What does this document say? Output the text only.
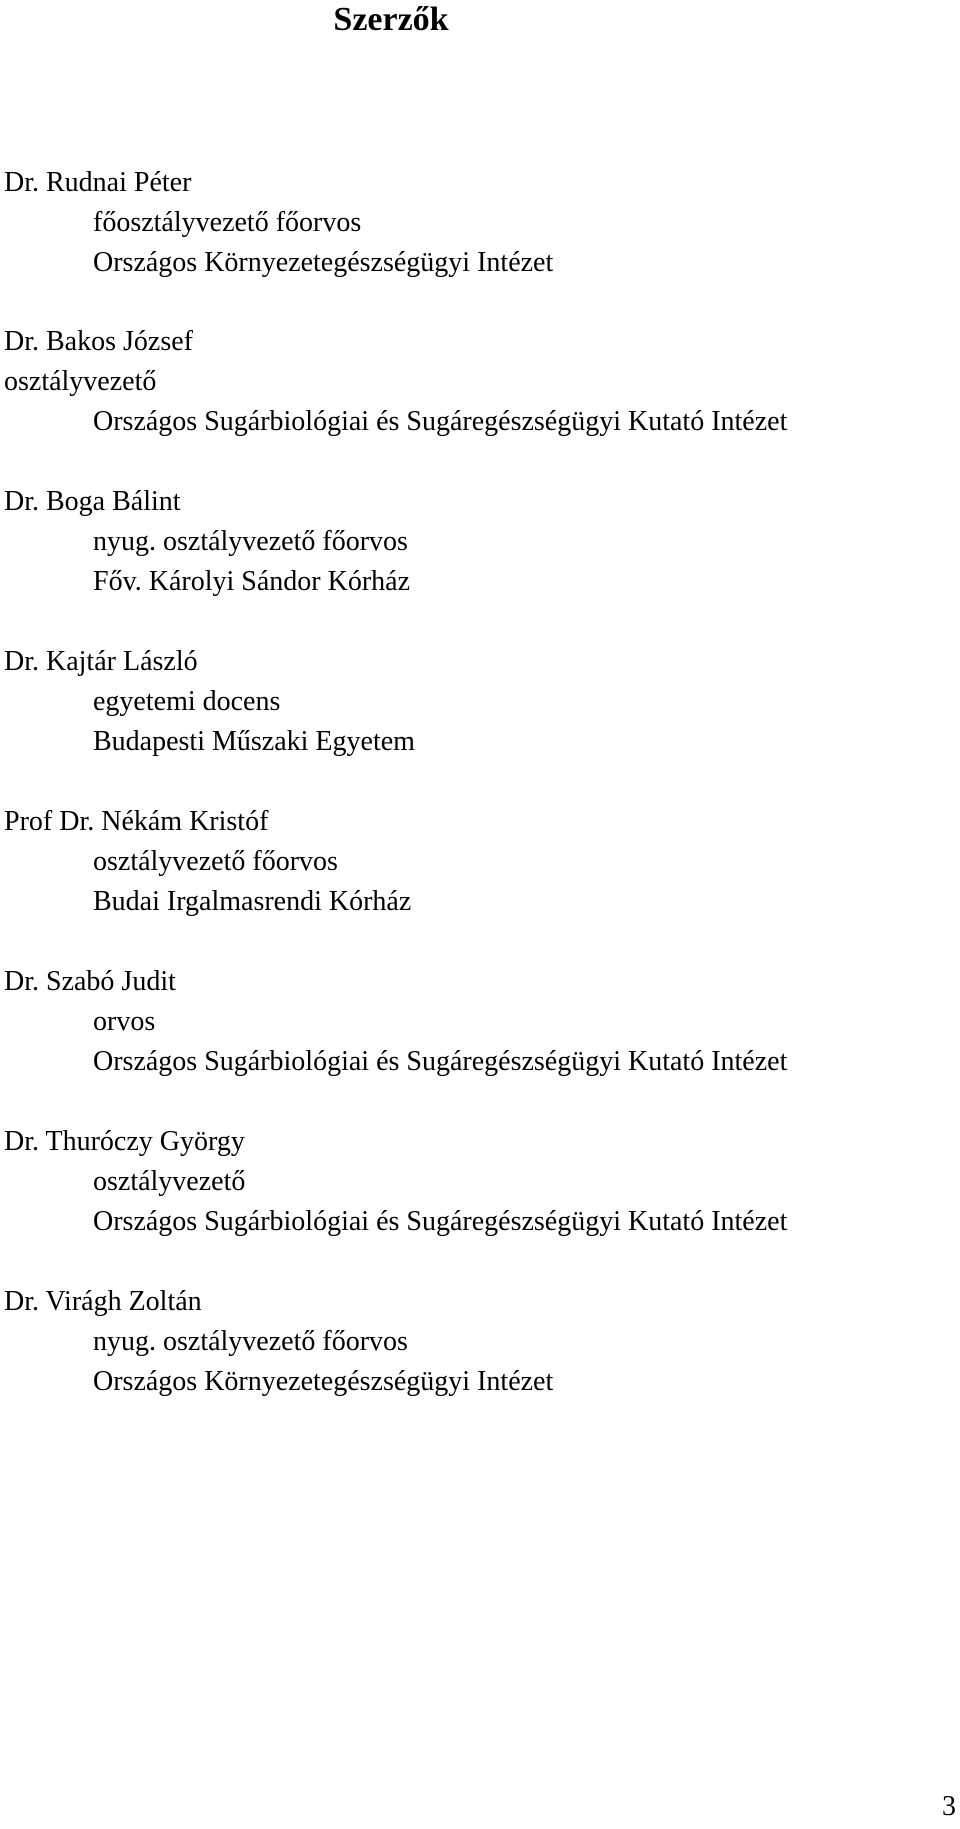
Szerzők
Dr. Rudnai Péter
főosztályvezető főorvos
Országos Környezetegészségügyi Intézet
Dr. Bakos József
osztályvezető
Országos Sugárbiológiai és Sugáregészségügyi Kutató Intézet
Dr. Boga Bálint
nyug. osztályvezető főorvos
Főv. Károlyi Sándor Kórház
Dr. Kajtár László
egyetemi docens
Budapesti Műszaki Egyetem
Prof Dr. Nékám Kristóf
osztályvezető főorvos
Budai Irgalmasrendi Kórház
Dr. Szabó Judit
orvos
Országos Sugárbiológiai és Sugáregészségügyi Kutató Intézet
Dr. Thuróczy György
osztályvezető
Országos Sugárbiológiai és Sugáregészségügyi Kutató Intézet
Dr. Virágh Zoltán
nyug. osztályvezető főorvos
Országos Környezetegészségügyi Intézet
3
